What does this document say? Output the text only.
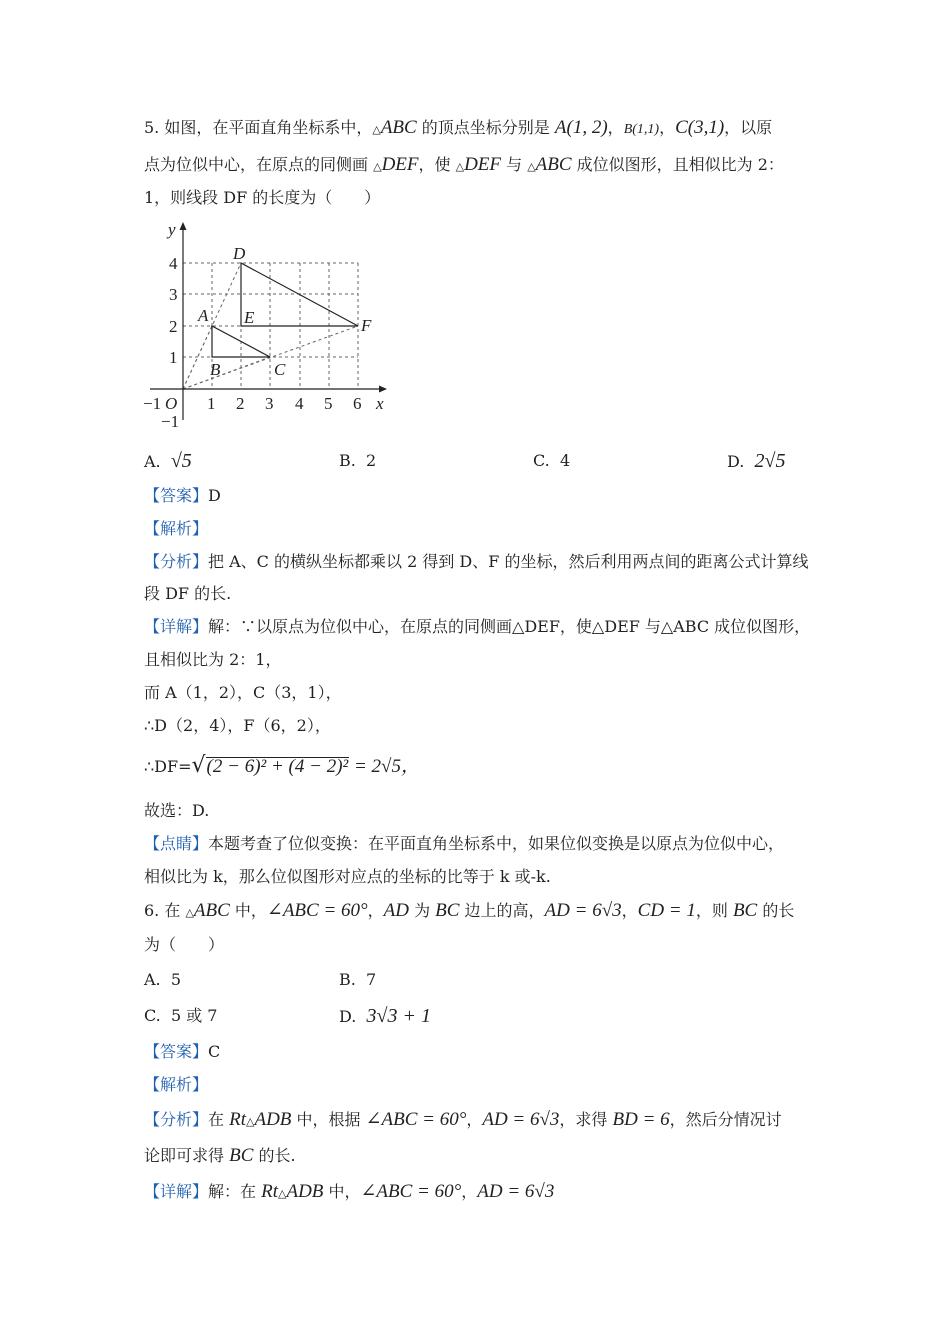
5. 如图，在平面直角坐标系中，△ABC 的顶点坐标分别是 A(1, 2)，B(1,1)，C(3,1)，以原
点为位似中心，在原点的同侧画 △DEF，使 △DEF 与 △ABC 成位似图形，且相似比为 2：
1，则线段 DF 的长度为（　　）
x
y
O
−1	1 2 3 4 5 6
−1
1
2
3
4
A
B	C
D
E	F
A. √5	B. 2	C. 4	D. 2√5
【答案】D
【解析】
【分析】把 A、C 的横纵坐标都乘以 2 得到 D、F 的坐标，然后利用两点间的距离公式计算线
段 DF 的长.
【详解】解：∵以原点为位似中心，在原点的同侧画△DEF，使△DEF 与△ABC 成位似图形，
且相似比为 2：1，
而 A（1，2），C（3，1），
∴D（2，4），F（6，2），
∴DF=√(2 − 6)² + (4 − 2)² = 2√5，
故选：D.
【点睛】本题考查了位似变换：在平面直角坐标系中，如果位似变换是以原点为位似中心，
相似比为 k，那么位似图形对应点的坐标的比等于 k 或-k.
6. 在 △ABC 中，∠ABC = 60°，AD 为 BC 边上的高，AD = 6√3，CD = 1，则 BC 的长
为（　　）
A. 5	B. 7
C. 5 或 7	D. 3√3 + 1
【答案】C
【解析】
【分析】在 Rt△ADB 中，根据 ∠ABC = 60°，AD = 6√3，求得 BD = 6，然后分情况讨
论即可求得 BC 的长.
【详解】解：在 Rt△ADB 中，∠ABC = 60°，AD = 6√3
